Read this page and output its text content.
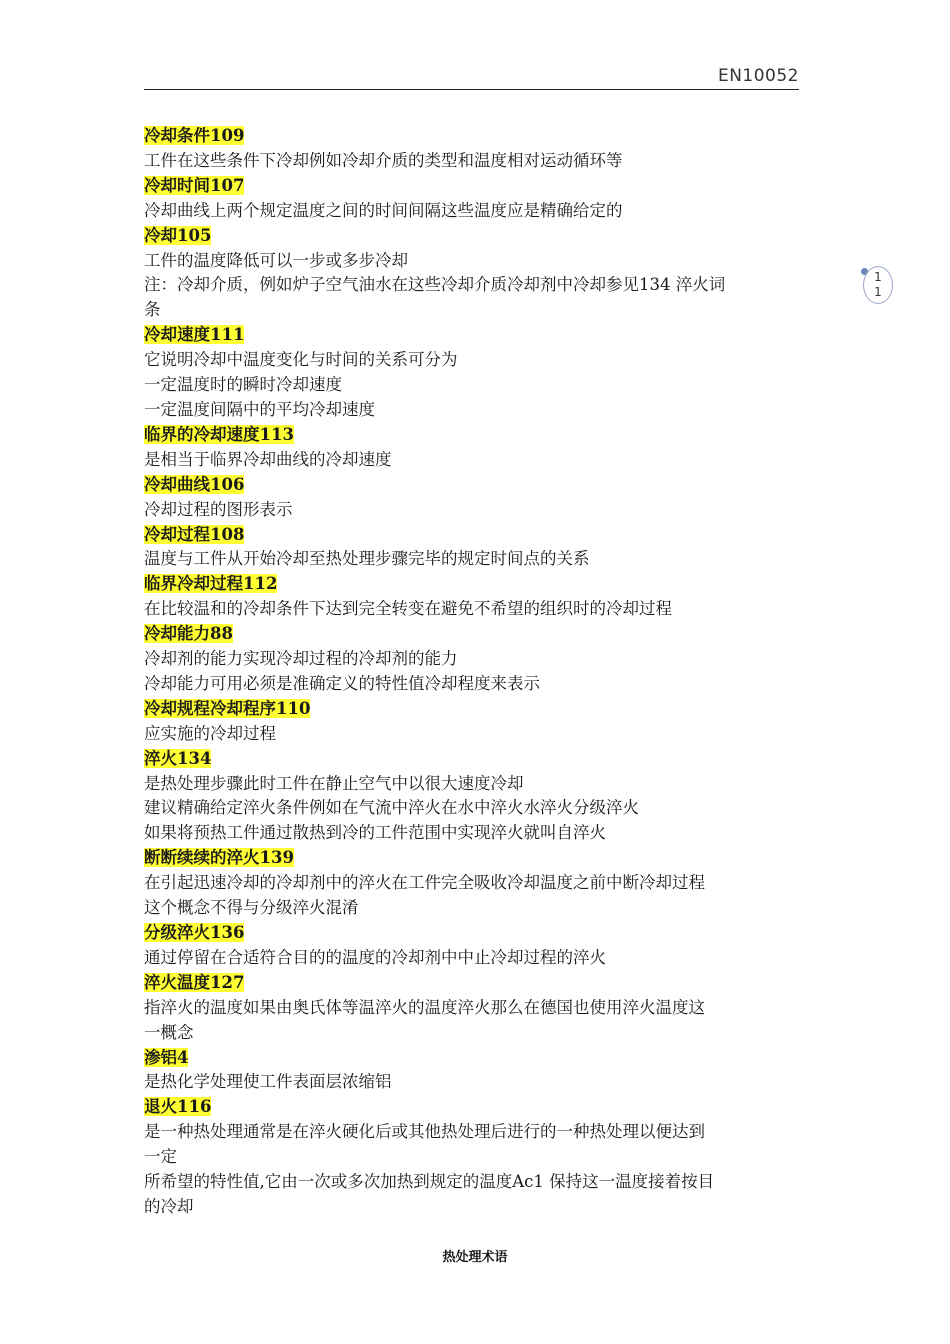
EN10052
1
1
冷却条件109
工件在这些条件下冷却例如冷却介质的类型和温度相对运动循环等
冷却时间107
冷却曲线上两个规定温度之间的时间间隔这些温度应是精确给定的
冷却105
工件的温度降低可以一步或多步冷却
注：冷却介质，例如炉子空气油水在这些冷却介质冷却剂中冷却参见134 淬火词
条
冷却速度111
它说明冷却中温度变化与时间的关系可分为
一定温度时的瞬时冷却速度
一定温度间隔中的平均冷却速度
临界的冷却速度113
是相当于临界冷却曲线的冷却速度
冷却曲线106
冷却过程的图形表示
冷却过程108
温度与工件从开始冷却至热处理步骤完毕的规定时间点的关系
临界冷却过程112
在比较温和的冷却条件下达到完全转变在避免不希望的组织时的冷却过程
冷却能力88
冷却剂的能力实现冷却过程的冷却剂的能力
冷却能力可用必须是准确定义的特性值冷却程度来表示
冷却规程冷却程序110
应实施的冷却过程
淬火134
是热处理步骤此时工件在静止空气中以很大速度冷却
建议精确给定淬火条件例如在气流中淬火在水中淬火水淬火分级淬火
如果将预热工件通过散热到冷的工件范围中实现淬火就叫自淬火
断断续续的淬火139
在引起迅速冷却的冷却剂中的淬火在工件完全吸收冷却温度之前中断冷却过程
这个概念不得与分级淬火混淆
分级淬火136
通过停留在合适符合目的的温度的冷却剂中中止冷却过程的淬火
淬火温度127
指淬火的温度如果由奥氏体等温淬火的温度淬火那么在德国也使用淬火温度这
一概念
渗铝4
是热化学处理使工件表面层浓缩铝
退火116
是一种热处理通常是在淬火硬化后或其他热处理后进行的一种热处理以便达到
一定
所希望的特性值,它由一次或多次加热到规定的温度Ac1 保持这一温度接着按目
的冷却
热处理术语
